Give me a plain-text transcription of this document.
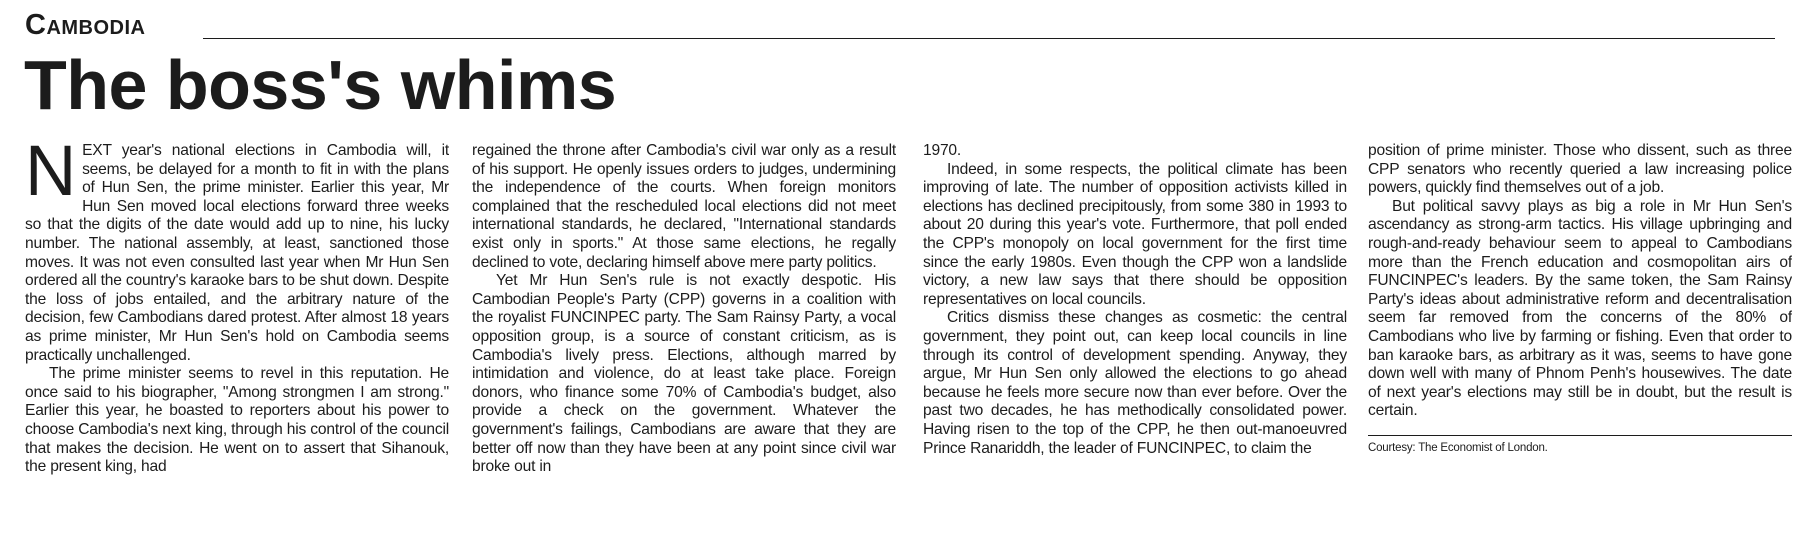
Cambodia
The boss's whims

NEXT year's national elections in Cambodia will, it seems, be delayed for a month to fit in with the plans of Hun Sen, the prime minister. Earlier this year, Mr Hun Sen moved local elections forward three weeks so that the digits of the date would add up to nine, his lucky number. The national assembly, at least, sanctioned those moves. It was not even consulted last year when Mr Hun Sen ordered all the country's karaoke bars to be shut down. Despite the loss of jobs entailed, and the arbitrary nature of the decision, few Cambodians dared protest. After almost 18 years as prime minister, Mr Hun Sen's hold on Cambodia seems practically unchallenged.

The prime minister seems to revel in this reputation. He once said to his biographer, "Among strongmen I am strong." Earlier this year, he boasted to reporters about his power to choose Cambodia's next king, through his control of the council that makes the decision. He went on to assert that Sihanouk, the present king, had

regained the throne after Cambodia's civil war only as a result of his support. He openly issues orders to judges, undermining the independence of the courts. When foreign monitors complained that the rescheduled local elections did not meet international standards, he declared, "International standards exist only in sports." At those same elections, he regally declined to vote, declaring himself above mere party politics.

Yet Mr Hun Sen's rule is not exactly despotic. His Cambodian People's Party (CPP) governs in a coalition with the royalist FUNCINPEC party. The Sam Rainsy Party, a vocal opposition group, is a source of constant criticism, as is Cambodia's lively press. Elections, although marred by intimidation and violence, do at least take place. Foreign donors, who finance some 70% of Cambodia's budget, also provide a check on the government. Whatever the government's failings, Cambodians are aware that they are better off now than they have been at any point since civil war broke out in

1970.

Indeed, in some respects, the political climate has been improving of late. The number of opposition activists killed in elections has declined precipitously, from some 380 in 1993 to about 20 during this year's vote. Furthermore, that poll ended the CPP's monopoly on local government for the first time since the early 1980s. Even though the CPP won a landslide victory, a new law says that there should be opposition representatives on local councils.

Critics dismiss these changes as cosmetic: the central government, they point out, can keep local councils in line through its control of development spending. Anyway, they argue, Mr Hun Sen only allowed the elections to go ahead because he feels more secure now than ever before. Over the past two decades, he has methodically consolidated power. Having risen to the top of the CPP, he then out-manoeuvred Prince Ranariddh, the leader of FUNCINPEC, to claim the

position of prime minister. Those who dissent, such as three CPP senators who recently queried a law increasing police powers, quickly find themselves out of a job.

But political savvy plays as big a role in Mr Hun Sen's ascendancy as strong-arm tactics. His village upbringing and rough-and-ready behaviour seem to appeal to Cambodians more than the French education and cosmopolitan airs of FUNCINPEC's leaders. By the same token, the Sam Rainsy Party's ideas about administrative reform and decentralisation seem far removed from the concerns of the 80% of Cambodians who live by farming or fishing. Even that order to ban karaoke bars, as arbitrary as it was, seems to have gone down well with many of Phnom Penh's housewives. The date of next year's elections may still be in doubt, but the result is certain.

Courtesy: The Economist of London.
